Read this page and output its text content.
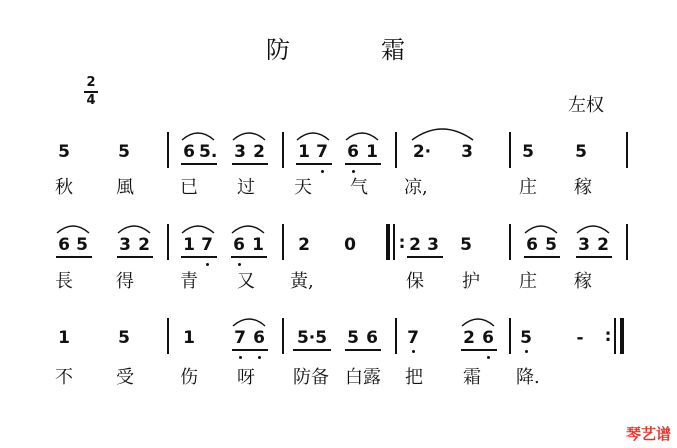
防	霜
2
4	左权
5	5	6 5. 3 2 1 7 6 1 2· 3	5 5
秋 風	已 过 天 气 凉,	庄 稼
6 5 3 2 1 7 6 1 2 0	: 2 3 5	6 5 3 2
長 得	青 又 黃,	保 护 庄 稼
1	5	1 7 6 5·5 5 6 7	2 6 5	- :
不 受	伤 呀 防备 白露 把 霜 降.
琴艺谱
